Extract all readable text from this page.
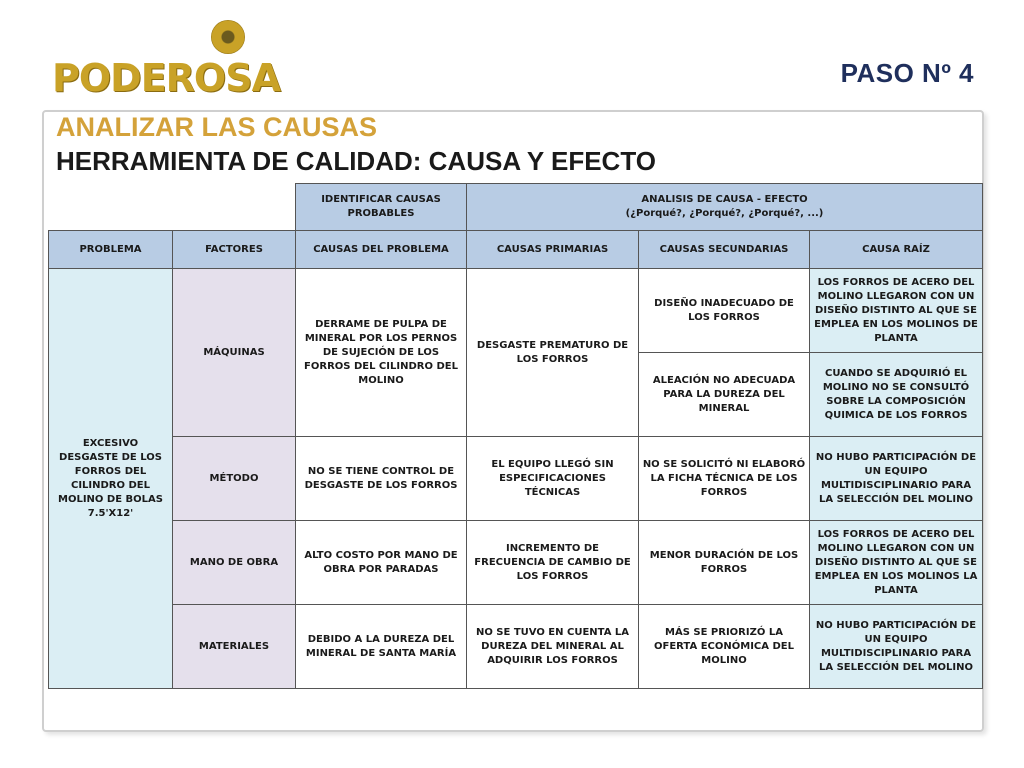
PODEROSA	PASO Nº 4
ANALIZAR LAS CAUSAS
HERRAMIENTA DE CALIDAD: CAUSA Y EFECTO
		IDENTIFICAR CAUSAS PROBABLES	ANALISIS DE CAUSA - EFECTO
(¿Porqué?, ¿Porqué?, ¿Porqué?, ...)		

PROBLEMA	FACTORES	CAUSAS DEL PROBLEMA	CAUSAS PRIMARIAS	CAUSAS SECUNDARIAS	CAUSA RAÍZ
EXCESIVO DESGASTE DE LOS FORROS DEL CILINDRO DEL MOLINO DE BOLAS 7.5'X12'	MÁQUINAS	DERRAME DE PULPA DE MINERAL POR LOS PERNOS DE SUJECIÓN DE LOS FORROS DEL CILINDRO DEL MOLINO	DESGASTE PREMATURO DE LOS FORROS	DISEÑO INADECUADO DE LOS FORROS	LOS FORROS DE ACERO DEL MOLINO LLEGARON CON UN DISEÑO DISTINTO AL QUE SE EMPLEA EN LOS MOLINOS DE PLANTA
				ALEACIÓN NO ADECUADA PARA LA DUREZA DEL MINERAL	CUANDO SE ADQUIRIÓ EL MOLINO NO SE CONSULTÓ SOBRE LA COMPOSICIÓN QUIMICA DE LOS FORROS
	MÉTODO	NO SE TIENE CONTROL DE DESGASTE DE LOS FORROS	EL EQUIPO LLEGÓ SIN ESPECIFICACIONES TÉCNICAS	NO SE SOLICITÓ NI ELABORÓ LA FICHA TÉCNICA DE LOS FORROS	NO HUBO PARTICIPACIÓN DE UN EQUIPO MULTIDISCIPLINARIO PARA LA SELECCIÓN DEL MOLINO
	MANO DE OBRA	ALTO COSTO POR MANO DE OBRA POR PARADAS	INCREMENTO DE FRECUENCIA DE CAMBIO DE LOS FORROS	MENOR DURACIÓN DE LOS FORROS	LOS FORROS DE ACERO DEL MOLINO LLEGARON CON UN DISEÑO DISTINTO AL QUE SE EMPLEA EN LOS MOLINOS LA PLANTA
	MATERIALES	DEBIDO A LA DUREZA DEL MINERAL DE SANTA MARÍA	NO SE TUVO EN CUENTA LA DUREZA DEL MINERAL AL ADQUIRIR LOS FORROS	MÁS SE PRIORIZÓ LA OFERTA ECONÓMICA DEL MOLINO	NO HUBO PARTICIPACIÓN DE UN EQUIPO MULTIDISCIPLINARIO PARA LA SELECCIÓN DEL MOLINO
